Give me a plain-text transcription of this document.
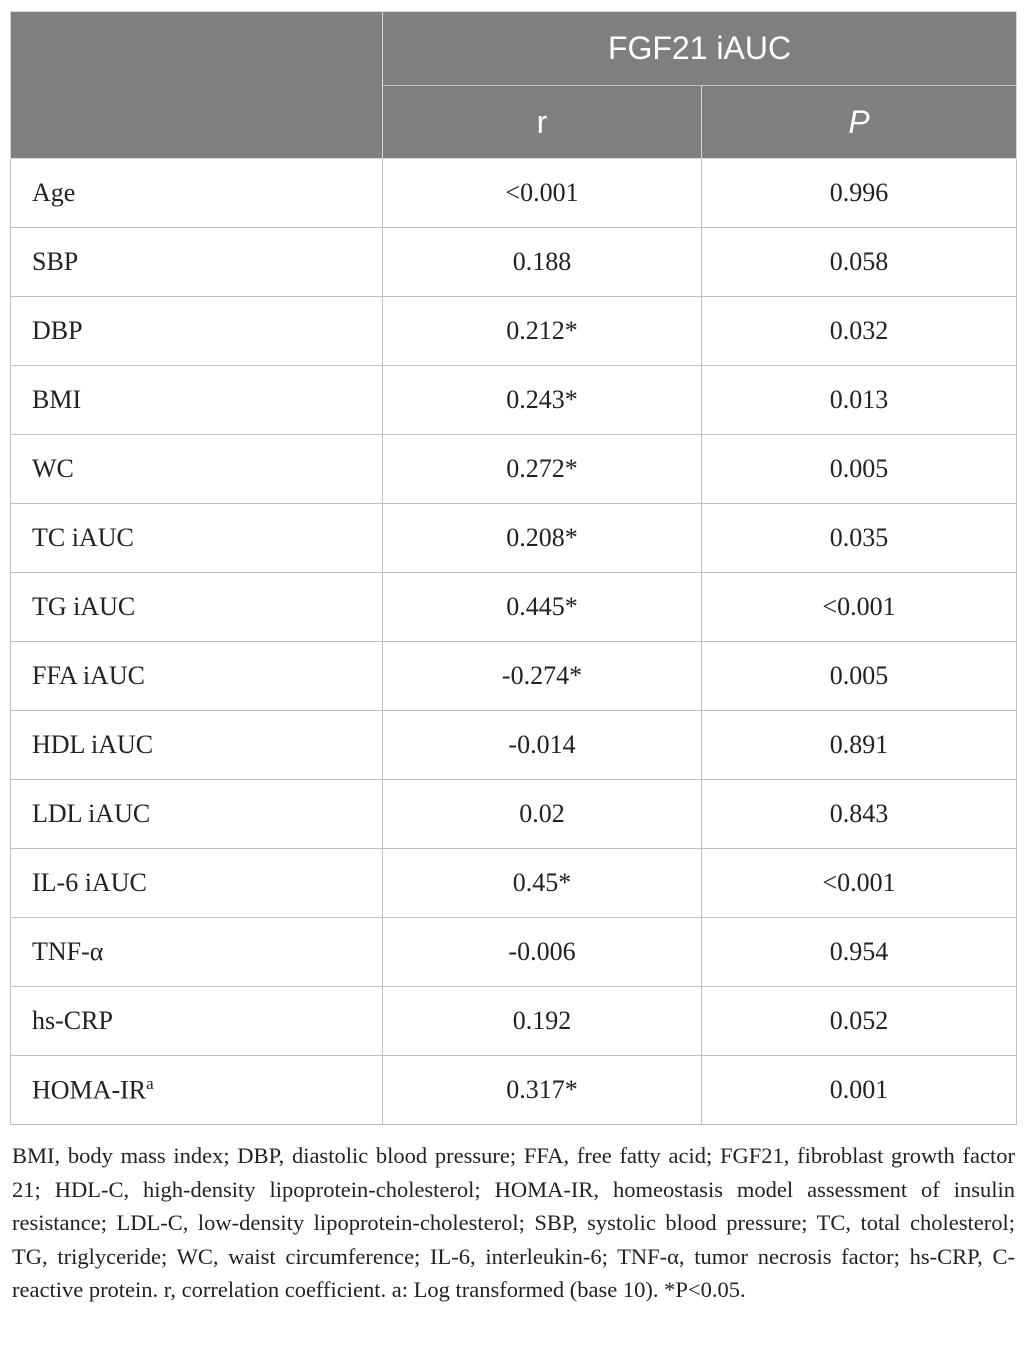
	FGF21 iAUC	
	r	P
Age	<0.001	0.996
SBP	0.188	0.058
DBP	0.212*	0.032
BMI	0.243*	0.013
WC	0.272*	0.005
TC iAUC	0.208*	0.035
TG iAUC	0.445*	<0.001
FFA iAUC	-0.274*	0.005
HDL iAUC	-0.014	0.891
LDL iAUC	0.02	0.843
IL-6 iAUC	0.45*	<0.001
TNF-α	-0.006	0.954
hs-CRP	0.192	0.052
HOMA-$IR^a$	0.317*	0.001
BMI, body mass index; DBP, diastolic blood pressure; FFA, free fatty acid; FGF21, fibroblast growth factor 21; HDL-C, high-density lipoprotein-cholesterol; HOMA-IR, homeostasis model assessment of insulin resistance; LDL-C, low-density lipoprotein-cholesterol; SBP, systolic blood pressure; TC, total cholesterol; TG, triglyceride; WC, waist circumference; IL-6, interleukin-6; TNF-α, tumor necrosis factor; hs-CRP, C-reactive protein. r, correlation coefficient. a: Log transformed (base 10). *P<0.05.
